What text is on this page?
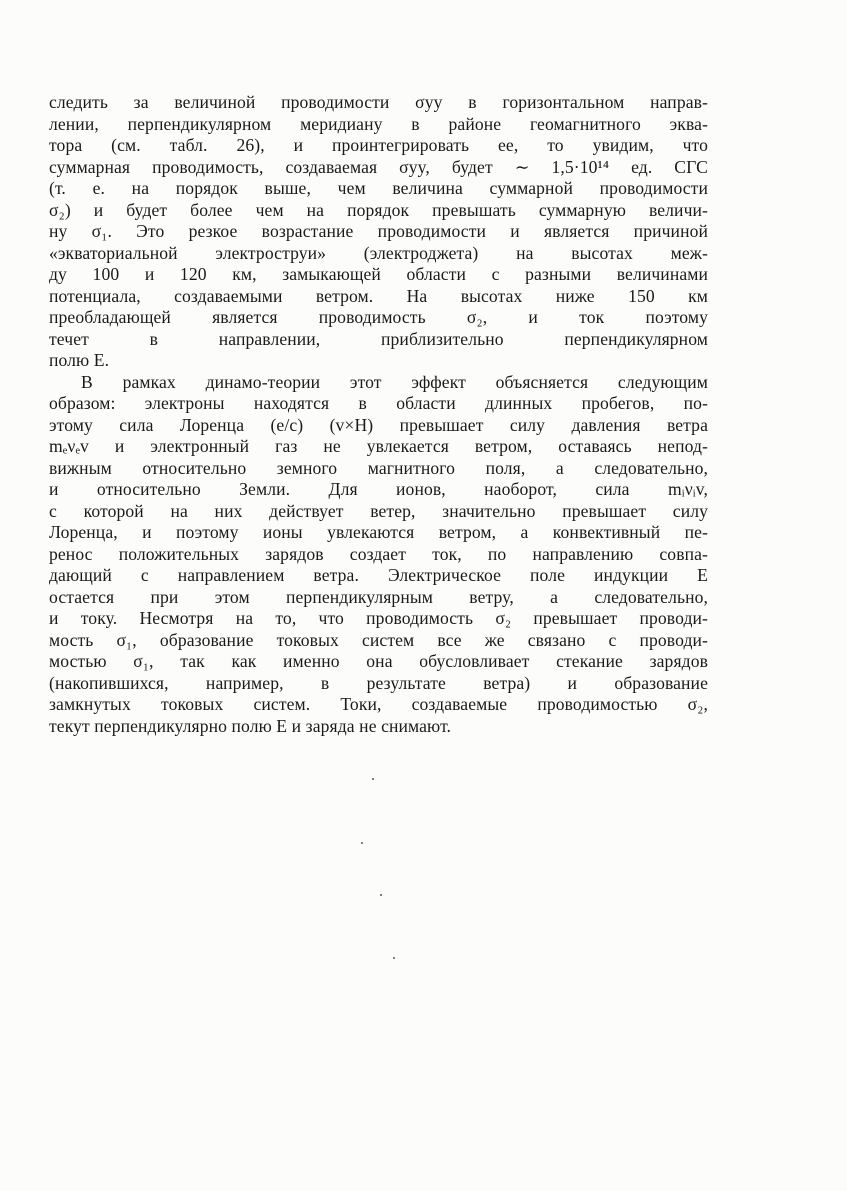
следить за величиной проводимости σyy в горизонтальном направ-
лении, перпендикулярном меридиану в районе геомагнитного эква-
тора (см. табл. 26), и проинтегрировать ее, то увидим, что
суммарная проводимость, создаваемая σyy, будет ∼ 1,5·10¹⁴ ед. СГС
(т. е. на порядок выше, чем величина суммарной проводимости
σ₂) и будет более чем на порядок превышать суммарную величи-
ну σ₁. Это резкое возрастание проводимости и является причиной
«экваториальной электроструи» (электроджета) на высотах меж-
ду 100 и 120 км, замыкающей области с разными величинами
потенциала, создаваемыми ветром. На высотах ниже 150 км
преобладающей является проводимость σ₂, и ток поэтому
течет в направлении, приблизительно перпендикулярном
полю E.
В рамках динамо-теории этот эффект объясняется следующим
образом: электроны находятся в области длинных пробегов, по-
этому сила Лоренца (e/c) (v×H) превышает силу давления ветра
mₑνₑv и электронный газ не увлекается ветром, оставаясь непод-
вижным относительно земного магнитного поля, а следовательно,
и относительно Земли. Для ионов, наоборот, сила mᵢνᵢv,
с которой на них действует ветер, значительно превышает силу
Лоренца, и поэтому ионы увлекаются ветром, а конвективный пе-
ренос положительных зарядов создает ток, по направлению совпа-
дающий с направлением ветра. Электрическое поле индукции E
остается при этом перпендикулярным ветру, а следовательно,
и току. Несмотря на то, что проводимость σ₂ превышает проводи-
мость σ₁, образование токовых систем все же связано с проводи-
мостью σ₁, так как именно она обусловливает стекание зарядов
(накопившихся, например, в результате ветра) и образование
замкнутых токовых систем. Токи, создаваемые проводимостью σ₂,
текут перпендикулярно полю E и заряда не снимают.
